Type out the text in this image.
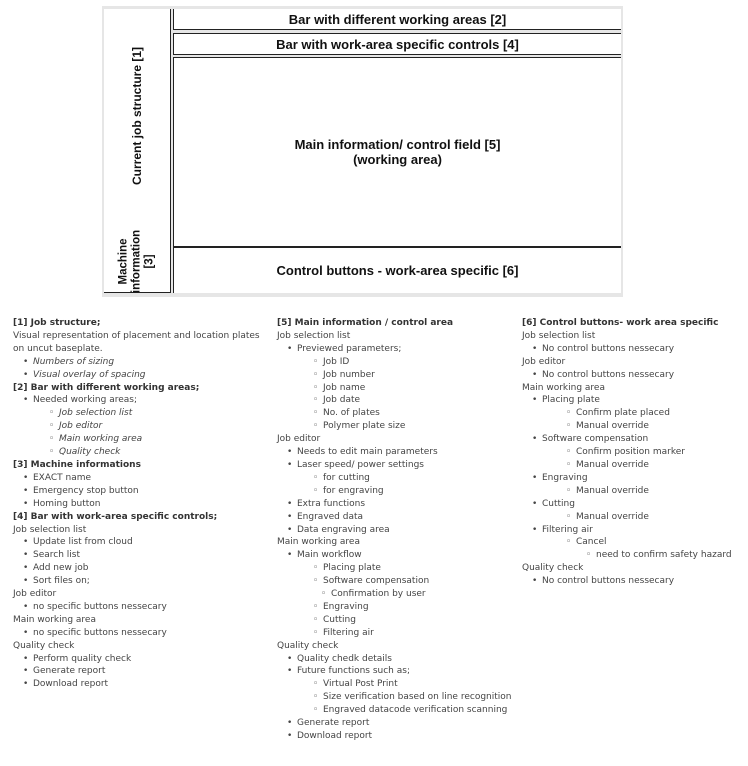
Current job structure [1]
Machine information [3]
Bar with different working areas [2]
Bar with work-area specific controls [4]
Main information/ control field [5]
(working area)
Control buttons - work-area specific [6]
[1] Job structure;
Visual representation of placement and location plates on uncut baseplate.
• Numbers of sizing
• Visual overlay of spacing
[2] Bar with different working areas;
• Needed working areas;
◦ Job selection list
◦ Job editor
◦ Main working area
◦ Quality check
[3] Machine informations
• EXACT name
• Emergency stop button
• Homing button
[4] Bar with work-area specific controls;
Job selection list
• Update list from cloud
• Search list
• Add new job
• Sort files on;
Job editor
• no specific buttons nessecary
Main working area
• no specific buttons nessecary
Quality check
• Perform quality check
• Generate report
• Download report
[5] Main information / control area
Job selection list
• Previewed parameters;
◦ Job ID
◦ Job number
◦ Job name
◦ Job date
◦ No. of plates
◦ Polymer plate size
Job editor
• Needs to edit main parameters
• Laser speed/ power settings
◦ for cutting
◦ for engraving
• Extra functions
• Engraved data
• Data engraving area
Main working area
• Main workflow
◦ Placing plate
◦ Software compensation
◦ Confirmation by user
◦ Engraving
◦ Cutting
◦ Filtering air
Quality check
• Quality chedk details
• Future functions such as;
◦ Virtual Post Print
◦ Size verification based on line recognition
◦ Engraved datacode verification scanning
• Generate report
• Download report
[6] Control buttons- work area specific
Job selection list
• No control buttons nessecary
Job editor
• No control buttons nessecary
Main working area
• Placing plate
◦ Confirm plate placed
◦ Manual override
• Software compensation
◦ Confirm position marker
◦ Manual override
• Engraving
◦ Manual override
• Cutting
◦ Manual override
• Filtering air
◦ Cancel
◦ need to confirm safety hazard
Quality check
• No control buttons nessecary
